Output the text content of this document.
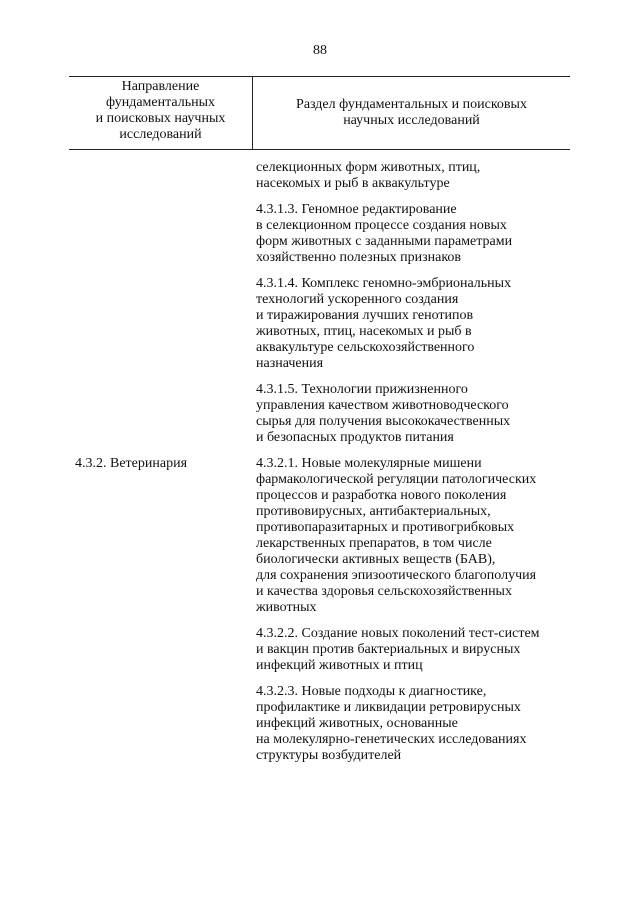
88
Направление
фундаментальных
и поисковых научных
исследований
Раздел фундаментальных и поисковых
научных исследований
селекционных форм животных, птиц,
насекомых и рыб в аквакультуре
4.3.1.3. Геномное редактирование
в селекционном процессе создания новых
форм животных с заданными параметрами
хозяйственно полезных признаков
4.3.1.4. Комплекс геномно-эмбриональных
технологий ускоренного создания
и тиражирования лучших генотипов
животных, птиц, насекомых и рыб в
аквакультуре сельскохозяйственного
назначения
4.3.1.5. Технологии прижизненного
управления качеством животноводческого
сырья для получения высококачественных
и безопасных продуктов питания
4.3.2. Ветеринария	4.3.2.1. Новые молекулярные мишени
фармакологической регуляции патологических
процессов и разработка нового поколения
противовирусных, антибактериальных,
противопаразитарных и противогрибковых
лекарственных препаратов, в том числе
биологически активных веществ (БАВ),
для сохранения эпизоотического благополучия
и качества здоровья сельскохозяйственных
животных
4.3.2.2. Создание новых поколений тест-систем
и вакцин против бактериальных и вирусных
инфекций животных и птиц
4.3.2.3. Новые подходы к диагностике,
профилактике и ликвидации ретровирусных
инфекций животных, основанные
на молекулярно-генетических исследованиях
структуры возбудителей
